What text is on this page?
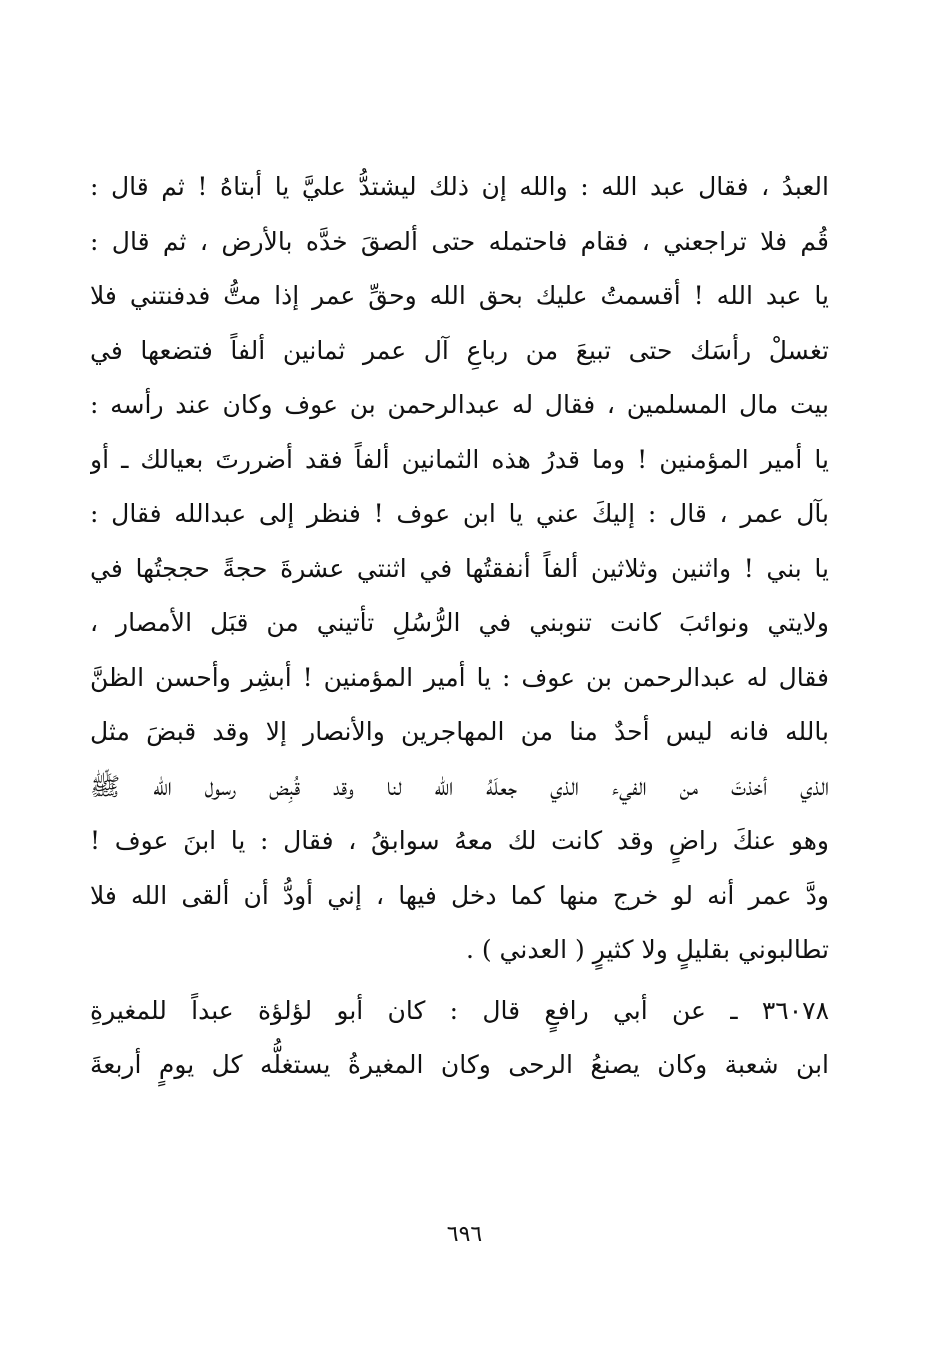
العبدُ ، فقال عبد الله : والله إن ذلك ليشتدُّ عليَّ يا أبتاهُ ! ثم قال :
قُم فلا تراجعني ، فقام فاحتمله حتى ألصقَ خدَّه بالأرض ، ثم قال :
يا عبد الله ! أقسمتُ عليك بحق الله وحقِّ عمر إذا متُّ فدفنتني فلا
تغسلْ رأسَك حتى تبيعَ من رباعِ آل عمر ثمانين ألفاً فتضعها في
بيت مال المسلمين ، فقال له عبدالرحمن بن عوف وكان عند رأسه :
يا أمير المؤمنين ! وما قدرُ هذه الثمانين ألفاً فقد أضررتَ بعيالك ـ أو
بآل عمر ، قال : إليكَ عني يا ابن عوف ! فنظر إلى عبدالله فقال :
يا بني ! واثنين وثلاثين ألفاً أنفقتُها في اثنتي عشرةَ حجةً حججتُها في
ولايتي ونوائبَ كانت تنوبني في الرُّسُلِ تأتيني من قبَل الأمصار ،
فقال له عبدالرحمن بن عوف : يا أمير المؤمنين ! أبشِر وأحسن الظنَّ
بالله فانه ليس أحدٌ منا من المهاجرين والأنصار إلا وقد قبضَ مثل
الذي أخذتَ من الفيء الذي جعلَهُ الله لنا وقد قُبِض رسول الله ﷺ
وهو عنكَ راضٍ وقد كانت لك معهُ سوابقُ ، فقال : يا ابنَ عوف !
ودَّ عمر أنه لو خرج منها كما دخل فيها ، إني أودُّ أن ألقى الله فلا
تطالبوني بقليلٍ ولا كثيرٍ ( العدني ) .
٣٦٠٧٨ ـ عن أبي رافعٍ قال : كان أبو لؤلؤة عبداً للمغيرةِ
ابن شعبة وكان يصنعُ الرحى وكان المغيرةُ يستغلُّه كل يومٍ أربعةَ
٦٩٦
